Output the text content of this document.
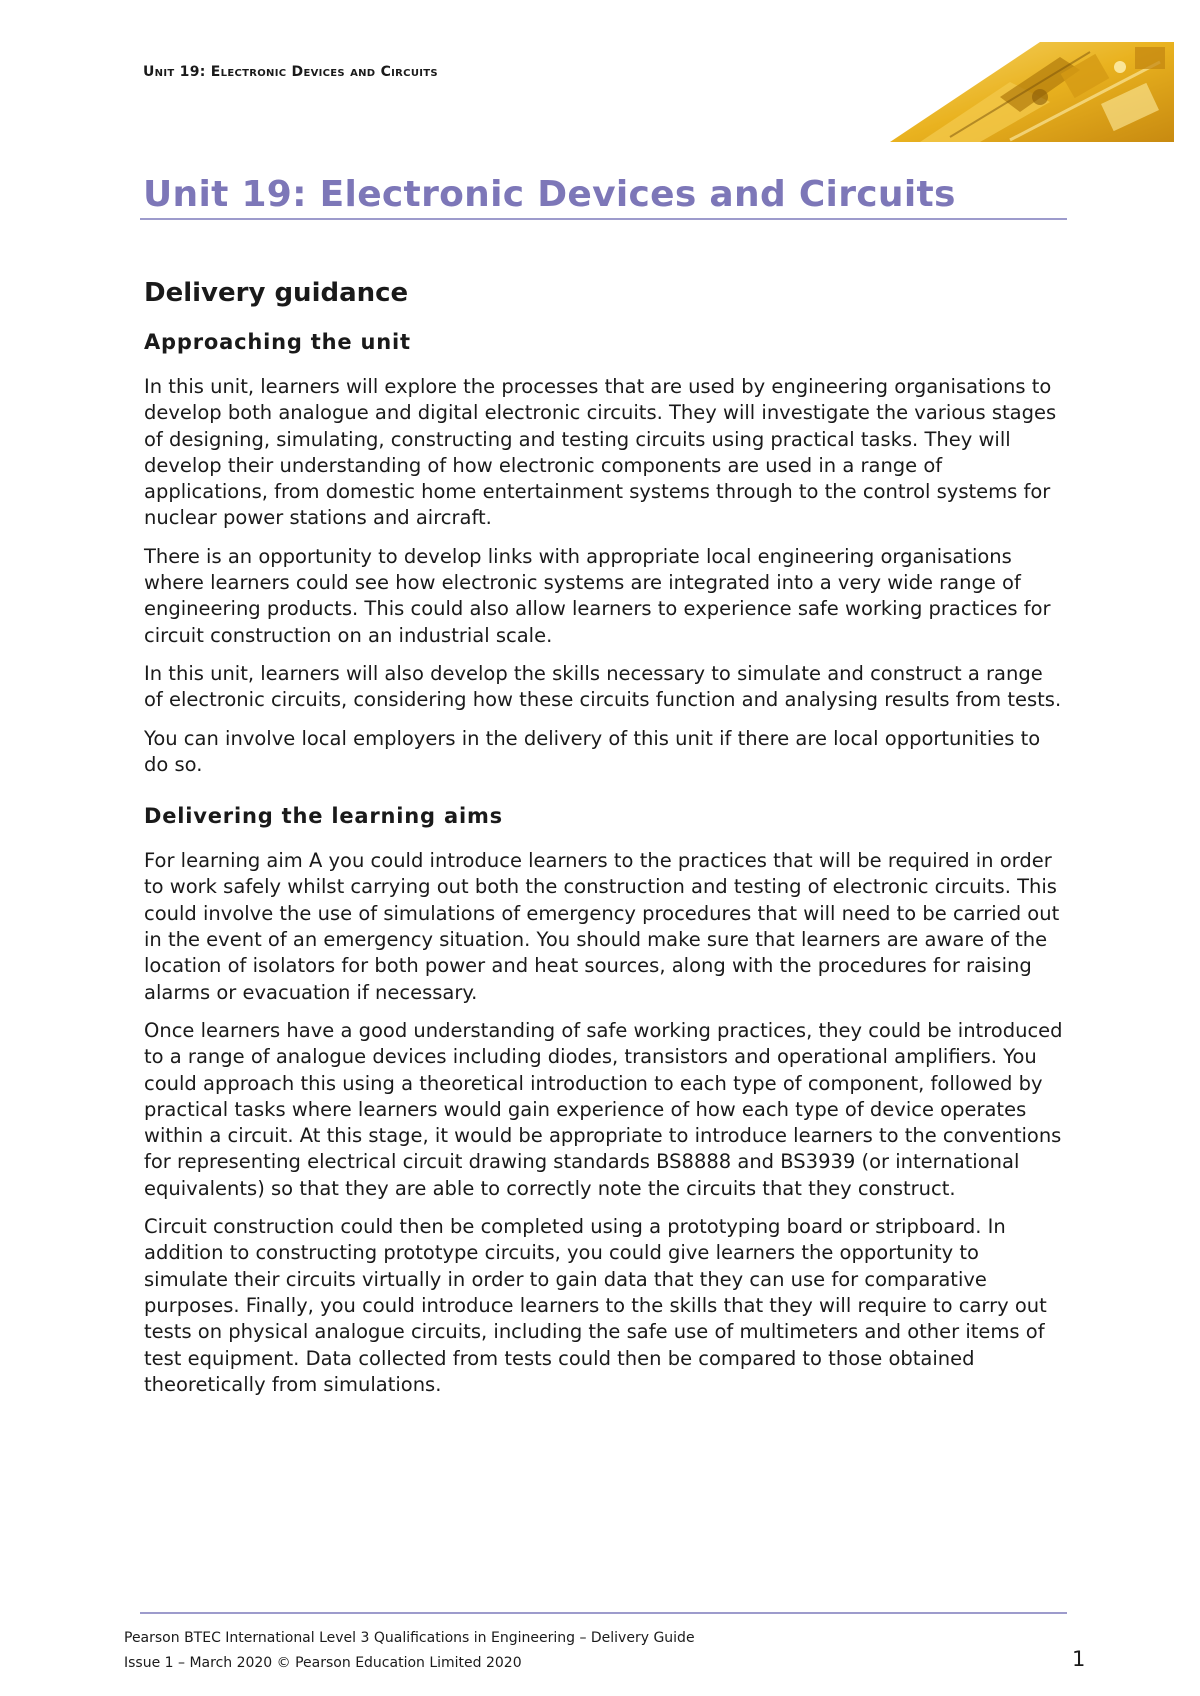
Unit 19: Electronic Devices and Circuits
Unit 19: Electronic Devices and Circuits
Delivery guidance
Approaching the unit

In this unit, learners will explore the processes that are used by engineering organisations to develop both analogue and digital electronic circuits. They will investigate the various stages of designing, simulating, constructing and testing circuits using practical tasks. They will develop their understanding of how electronic components are used in a range of applications, from domestic home entertainment systems through to the control systems for nuclear power stations and aircraft.

There is an opportunity to develop links with appropriate local engineering organisations where learners could see how electronic systems are integrated into a very wide range of engineering products. This could also allow learners to experience safe working practices for circuit construction on an industrial scale.

In this unit, learners will also develop the skills necessary to simulate and construct a range of electronic circuits, considering how these circuits function and analysing results from tests.

You can involve local employers in the delivery of this unit if there are local opportunities to do so.

Delivering the learning aims

For learning aim A you could introduce learners to the practices that will be required in order to work safely whilst carrying out both the construction and testing of electronic circuits. This could involve the use of simulations of emergency procedures that will need to be carried out in the event of an emergency situation. You should make sure that learners are aware of the location of isolators for both power and heat sources, along with the procedures for raising alarms or evacuation if necessary.

Once learners have a good understanding of safe working practices, they could be introduced to a range of analogue devices including diodes, transistors and operational amplifiers. You could approach this using a theoretical introduction to each type of component, followed by practical tasks where learners would gain experience of how each type of device operates within a circuit. At this stage, it would be appropriate to introduce learners to the conventions for representing electrical circuit drawing standards BS8888 and BS3939 (or international equivalents) so that they are able to correctly note the circuits that they construct.

Circuit construction could then be completed using a prototyping board or stripboard. In addition to constructing prototype circuits, you could give learners the opportunity to simulate their circuits virtually in order to gain data that they can use for comparative purposes. Finally, you could introduce learners to the skills that they will require to carry out tests on physical analogue circuits, including the safe use of multimeters and other items of test equipment. Data collected from tests could then be compared to those obtained theoretically from simulations.

Pearson BTEC International Level 3 Qualifications in Engineering – Delivery Guide
Issue 1 – March 2020 © Pearson Education Limited 2020	1
